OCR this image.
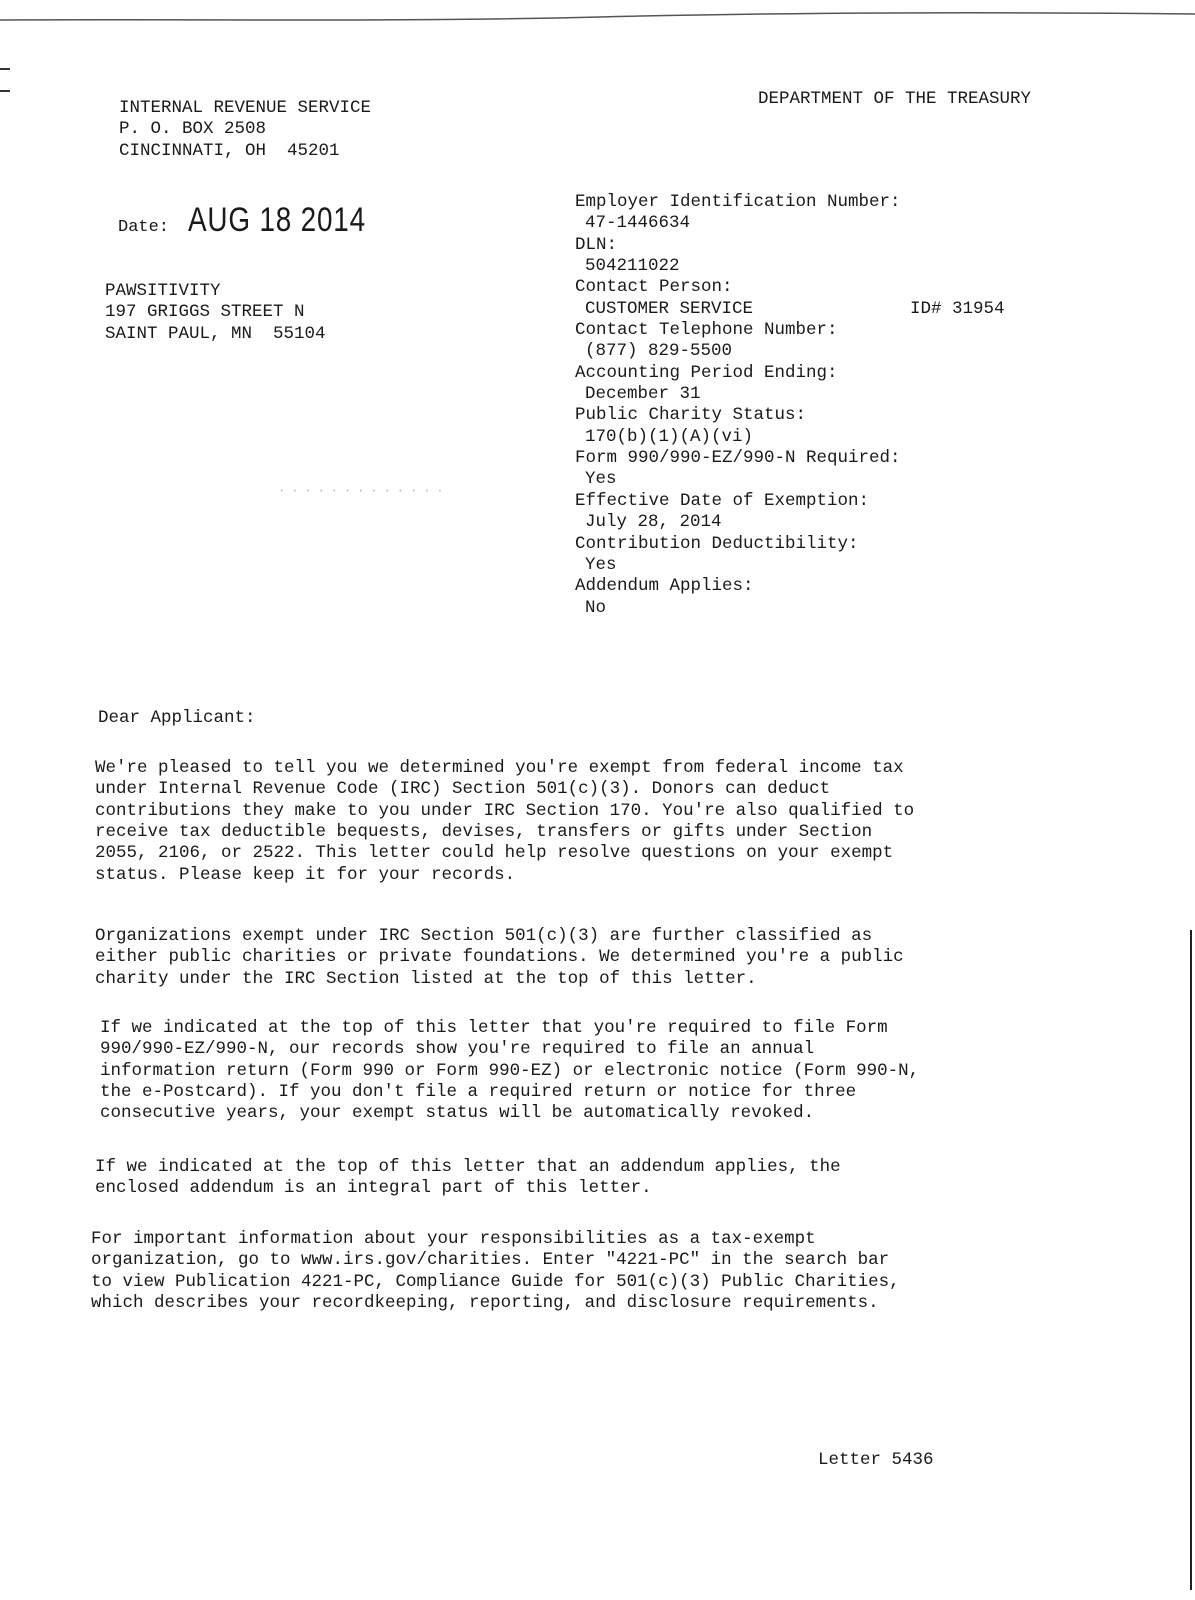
INTERNAL REVENUE SERVICE
P. O. BOX 2508
CINCINNATI, OH  45201
DEPARTMENT OF THE TREASURY
Date: AUG 18 2014
PAWSITIVITY
197 GRIGGS STREET N
SAINT PAUL, MN  55104
Employer Identification Number:
47-1446634
DLN:
504211022
Contact Person:
CUSTOMER SERVICE	ID# 31954
Contact Telephone Number:
(877) 829-5500
Accounting Period Ending:
December 31
Public Charity Status:
170(b)(1)(A)(vi)
Form 990/990-EZ/990-N Required:
Yes
Effective Date of Exemption:
July 28, 2014
Contribution Deductibility:
Yes
Addendum Applies:
No
·············
Dear Applicant:
We're pleased to tell you we determined you're exempt from federal income tax
under Internal Revenue Code (IRC) Section 501(c)(3). Donors can deduct
contributions they make to you under IRC Section 170. You're also qualified to
receive tax deductible bequests, devises, transfers or gifts under Section
2055, 2106, or 2522. This letter could help resolve questions on your exempt
status. Please keep it for your records.
Organizations exempt under IRC Section 501(c)(3) are further classified as
either public charities or private foundations. We determined you're a public
charity under the IRC Section listed at the top of this letter.
If we indicated at the top of this letter that you're required to file Form
990/990-EZ/990-N, our records show you're required to file an annual
information return (Form 990 or Form 990-EZ) or electronic notice (Form 990-N,
the e-Postcard). If you don't file a required return or notice for three
consecutive years, your exempt status will be automatically revoked.
If we indicated at the top of this letter that an addendum applies, the
enclosed addendum is an integral part of this letter.
For important information about your responsibilities as a tax-exempt
organization, go to www.irs.gov/charities. Enter "4221-PC" in the search bar
to view Publication 4221-PC, Compliance Guide for 501(c)(3) Public Charities,
which describes your recordkeeping, reporting, and disclosure requirements.
Letter 5436
